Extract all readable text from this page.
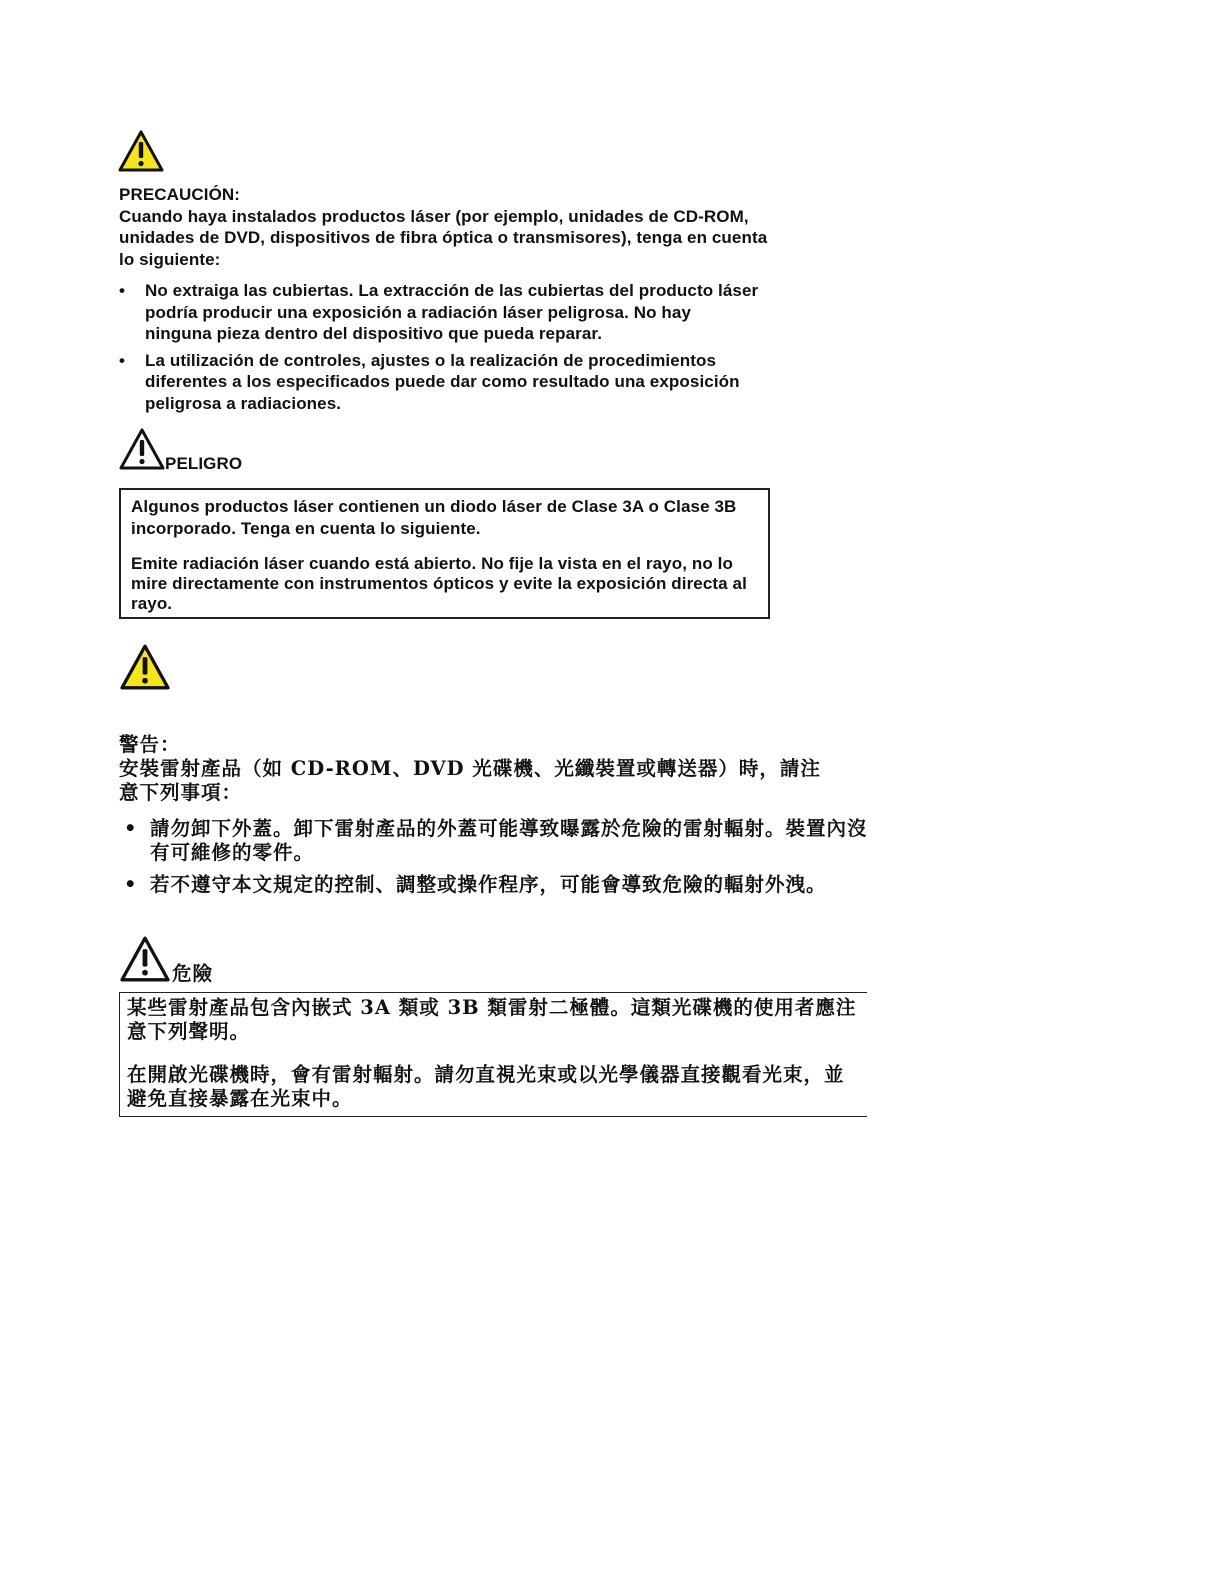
PRECAUCIÓN:
Cuando haya instalados productos láser (por ejemplo, unidades de CD-ROM, unidades de DVD, dispositivos de fibra óptica o transmisores), tenga en cuenta lo siguiente:
• No extraiga las cubiertas. La extracción de las cubiertas del producto láser podría producir una exposición a radiación láser peligrosa. No hay ninguna pieza dentro del dispositivo que pueda reparar.
• La utilización de controles, ajustes o la realización de procedimientos diferentes a los especificados puede dar como resultado una exposición peligrosa a radiaciones.
PELIGRO

Algunos productos láser contienen un diodo láser de Clase 3A o Clase 3B incorporado. Tenga en cuenta lo siguiente.

Emite radiación láser cuando está abierto. No fije la vista en el rayo, no lo mire directamente con instrumentos ópticos y evite la exposición directa al rayo.

警告：
安裝雷射產品（如 CD-ROM、DVD 光碟機、光纖裝置或轉送器）時，請注意下列事項：
• 請勿卸下外蓋。卸下雷射產品的外蓋可能導致曝露於危險的雷射輻射。裝置內沒有可維修的零件。
• 若不遵守本文規定的控制、調整或操作程序，可能會導致危險的輻射外洩。
危險

某些雷射產品包含內嵌式 3A 類或 3B 類雷射二極體。這類光碟機的使用者應注意下列聲明。

在開啟光碟機時，會有雷射輻射。請勿直視光束或以光學儀器直接觀看光束，並避免直接暴露在光束中。
